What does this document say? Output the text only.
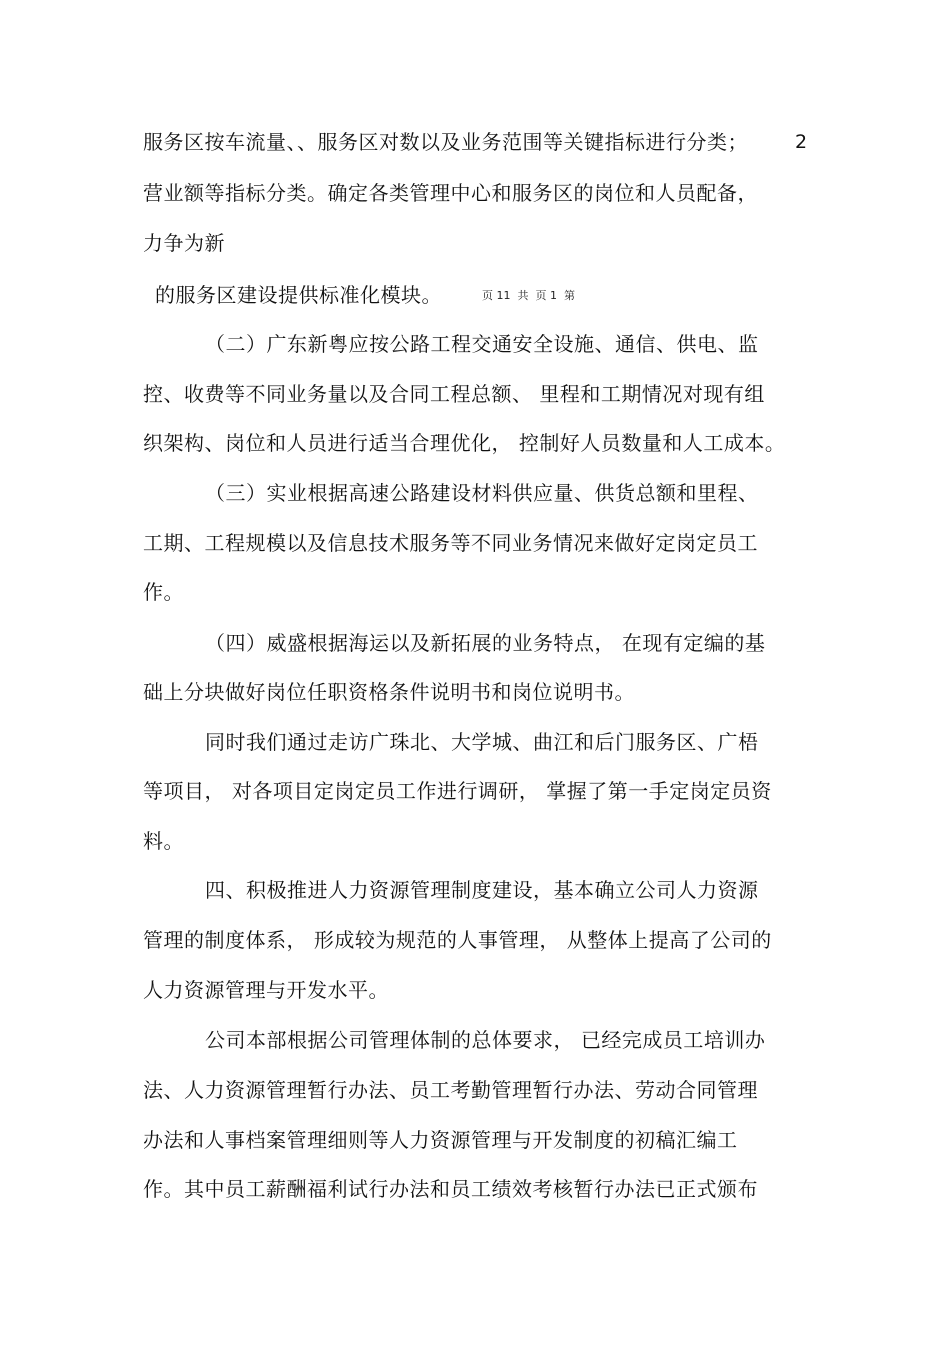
服务区按车流量、、服务区对数以及业务范围等关键指标进行分类； 2
营业额等指标分类。确定各类管理中心和服务区的岗位和人员配备，
力争为新
的服务区建设提供标准化模块。	页 11  共  页 1  第
（二）广东新粤应按公路工程交通安全设施、通信、供电、监
控、收费等不同业务量以及合同工程总额、 里程和工期情况对现有组
织架构、岗位和人员进行适当合理优化， 控制好人员数量和人工成本。
（三）实业根据高速公路建设材料供应量、供货总额和里程、
工期、工程规模以及信息技术服务等不同业务情况来做好定岗定员工
作。
（四）威盛根据海运以及新拓展的业务特点， 在现有定编的基
础上分块做好岗位任职资格条件说明书和岗位说明书。
同时我们通过走访广珠北、大学城、曲江和后门服务区、广梧
等项目， 对各项目定岗定员工作进行调研， 掌握了第一手定岗定员资
料。
四、积极推进人力资源管理制度建设，基本确立公司人力资源
管理的制度体系， 形成较为规范的人事管理， 从整体上提高了公司的
人力资源管理与开发水平。
公司本部根据公司管理体制的总体要求， 已经完成员工培训办
法、人力资源管理暂行办法、员工考勤管理暂行办法、劳动合同管理
办法和人事档案管理细则等人力资源管理与开发制度的初稿汇编工
作。其中员工薪酬福利试行办法和员工绩效考核暂行办法已正式颁布
